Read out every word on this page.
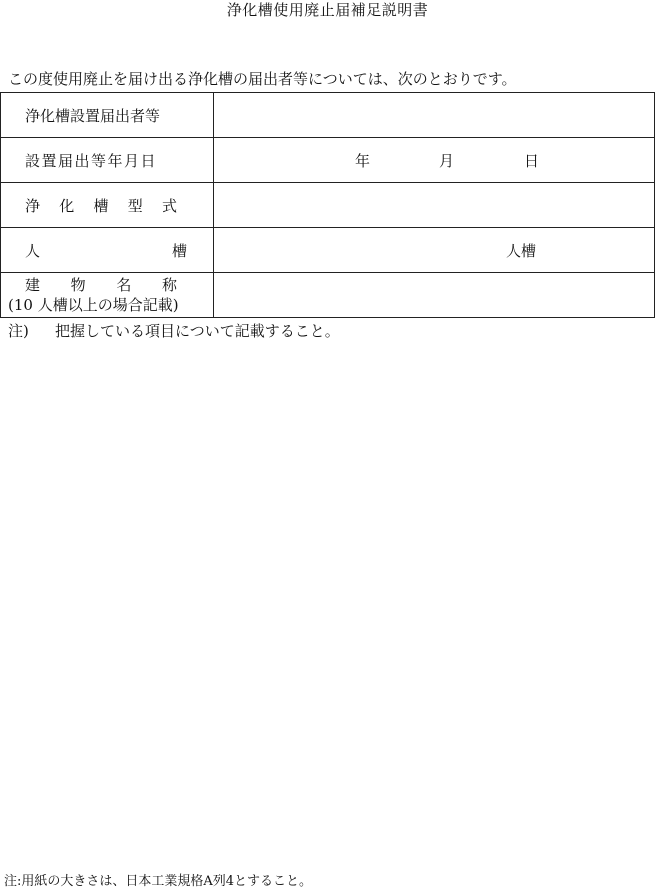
浄化槽使用廃止届補足説明書
この度使用廃止を届け出る浄化槽の届出者等については、次のとおりです。
浄化槽設置届出者等	

設置届出等年月日	年 月 日

浄 化 槽 型 式	

人 槽	人槽

建 物 名 称
(10 人槽以上の場合記載)	

注) 把握している項目について記載すること。
注:用紙の大きさは、日本工業規格A列4とすること。
